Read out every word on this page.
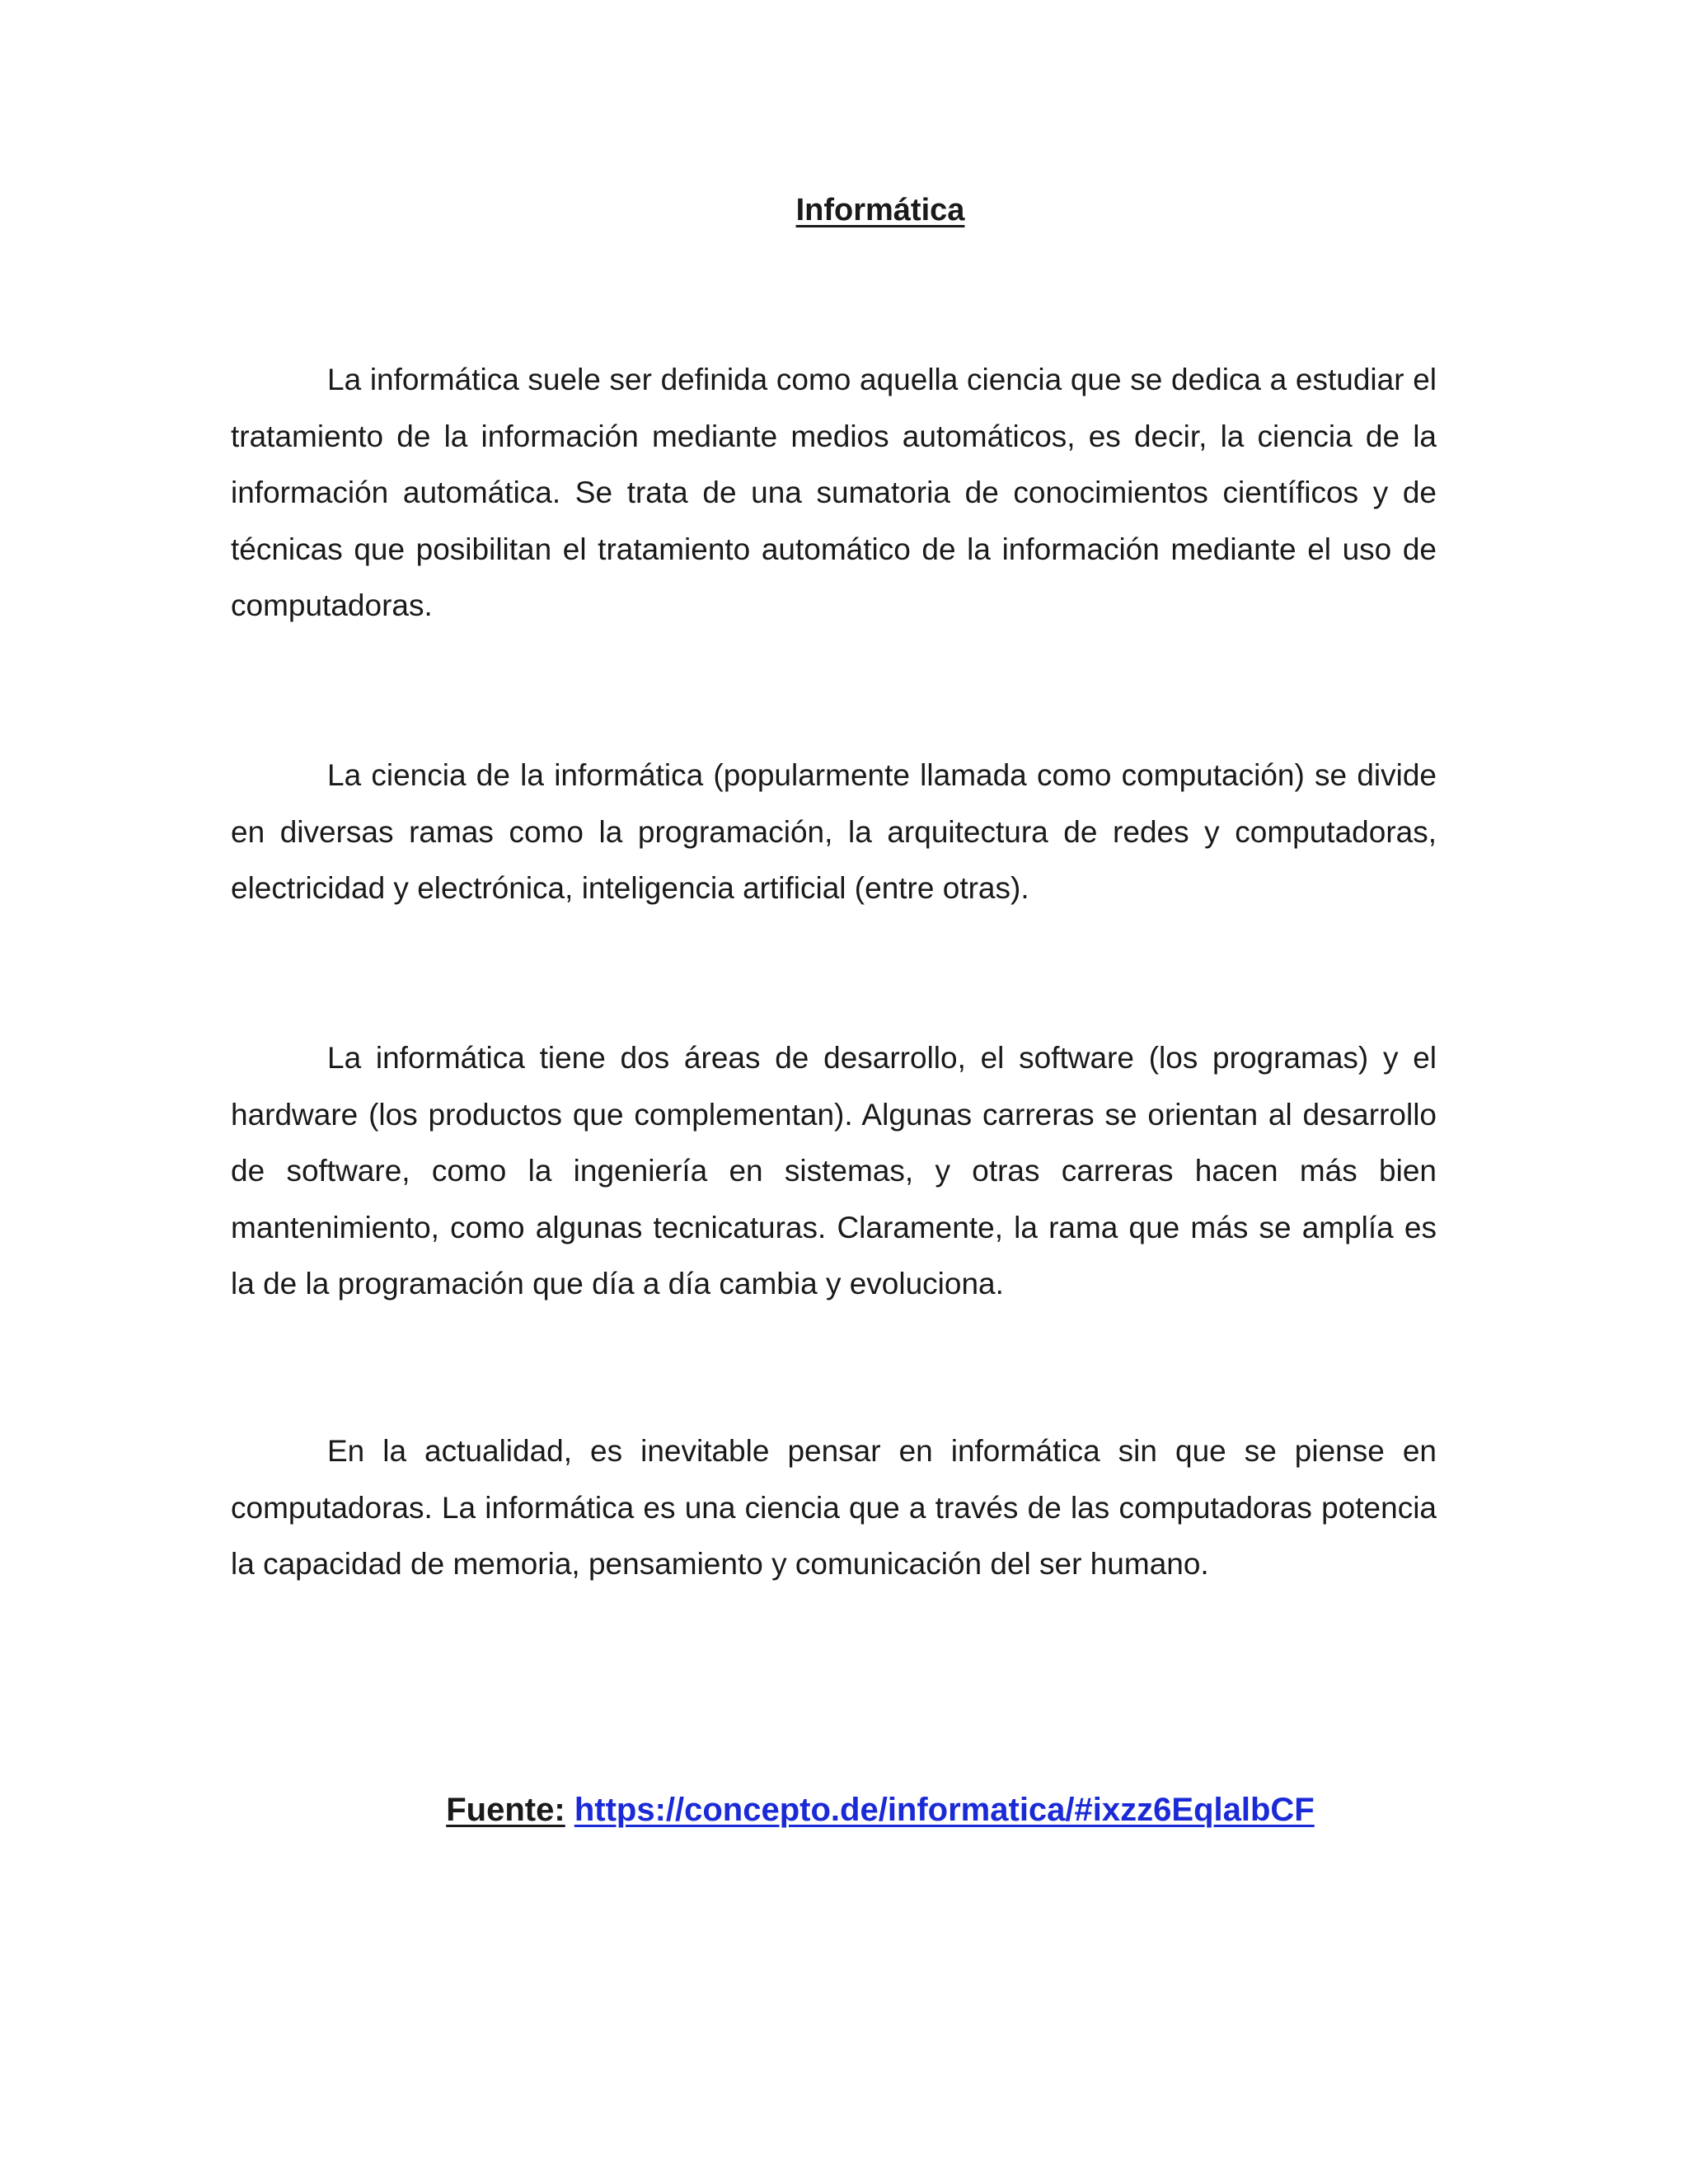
Informática

La informática suele ser definida como aquella ciencia que se dedica a estudiar el tratamiento de la información mediante medios automáticos, es decir, la ciencia de la información automática. Se trata de una sumatoria de conocimientos científicos y de técnicas que posibilitan el tratamiento automático de la información mediante el uso de computadoras.

La ciencia de la informática (popularmente llamada como computación) se divide en diversas ramas como la programación, la arquitectura de redes y computadoras, electricidad y electrónica, inteligencia artificial (entre otras).

La informática tiene dos áreas de desarrollo, el software (los programas) y el hardware (los productos que complementan). Algunas carreras se orientan al desarrollo de software, como la ingeniería en sistemas, y otras carreras hacen más bien mantenimiento, como algunas tecnicaturas. Claramente, la rama que más se amplía es la de la programación que día a día cambia y evoluciona.

En la actualidad, es inevitable pensar en informática sin que se piense en computadoras. La informática es una ciencia que a través de las computadoras potencia la capacidad de memoria, pensamiento y comunicación del ser humano.

Fuente: https://concepto.de/informatica/#ixzz6EqlalbCF
